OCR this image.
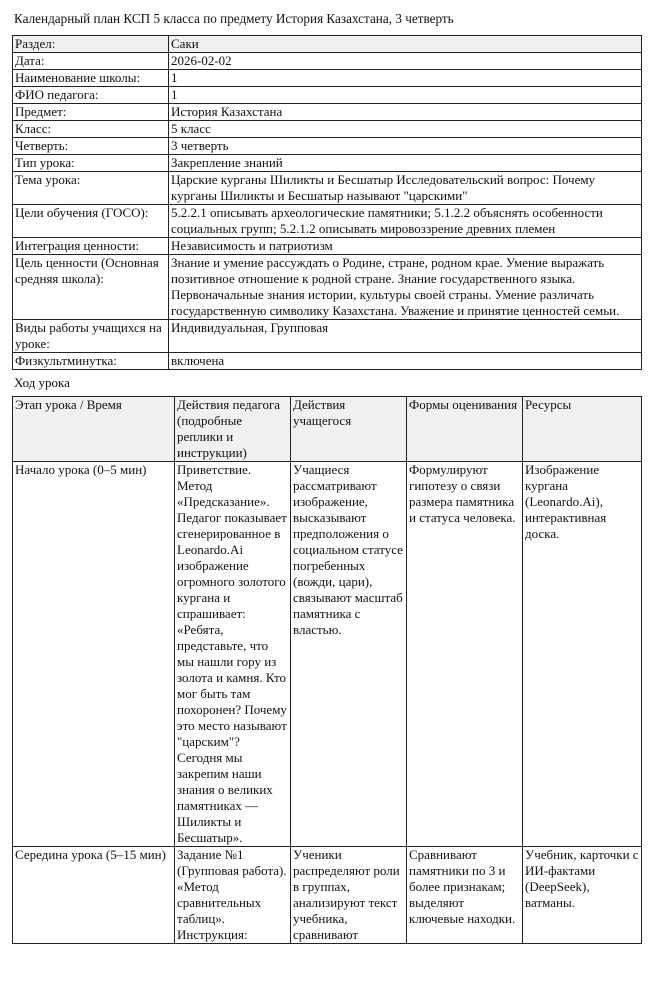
Календарный план КСП 5 класса по предмету История Казахстана, 3 четверть
Раздел:	Саки
Дата:	2026-02-02
Наименование школы:	1
ФИО педагога:	1
Предмет:	История Казахстана
Класс:	5 класс
Четверть:	3 четверть
Тип урока:	Закрепление знаний
Тема урока:	Царские курганы Шиликты и Бесшатыр Исследовательский вопрос: Почему курганы Шиликты и Бесшатыр называют "царскими"
Цели обучения (ГОСО):	5.2.2.1 описывать археологические памятники; 5.1.2.2 объяснять особенности социальных групп; 5.2.1.2 описывать мировоззрение древних племен
Интеграция ценности:	Независимость и патриотизм
Цель ценности (Основная средняя школа):	Знание и умение рассуждать о Родине, стране, родном крае. Умение выражать позитивное отношение к родной стране. Знание государственного языка. Первоначальные знания истории, культуры своей страны. Умение различать государственную символику Казахстана. Уважение и принятие ценностей семьи.
Виды работы учащихся на уроке:	Индивидуальная, Групповая
Физкультминутка:	включена
Ход урока
Этап урока / Время	Действия педагога (подробные реплики и инструкции)	Действия учащегося	Формы оценивания	Ресурсы
Начало урока (0–5 мин)	Приветствие. Метод «Предсказание». Педагог показывает сгенерированное в Leonardo.Ai изображение огромного золотого кургана и спрашивает: «Ребята, представьте, что мы нашли гору из золота и камня. Кто мог быть там похоронен? Почему это место называют "царским"? Сегодня мы закрепим наши знания о великих памятниках — Шиликты и Бесшатыр».	Учащиеся рассматривают изображение, высказывают предположения о социальном статусе погребенных (вожди, цари), связывают масштаб памятника с властью.	Формулируют гипотезу о связи размера памятника и статуса человека.	Изображение кургана (Leonardo.Ai), интерактивная доска.
Середина урока (5–15 мин)	Задание №1 (Групповая работа). «Метод сравнительных таблиц». Инструкция:	Ученики распределяют роли в группах, анализируют текст учебника, сравнивают	Сравнивают памятники по 3 и более признакам; выделяют ключевые находки.	Учебник, карточки с ИИ-фактами (DeepSeek), ватманы.
